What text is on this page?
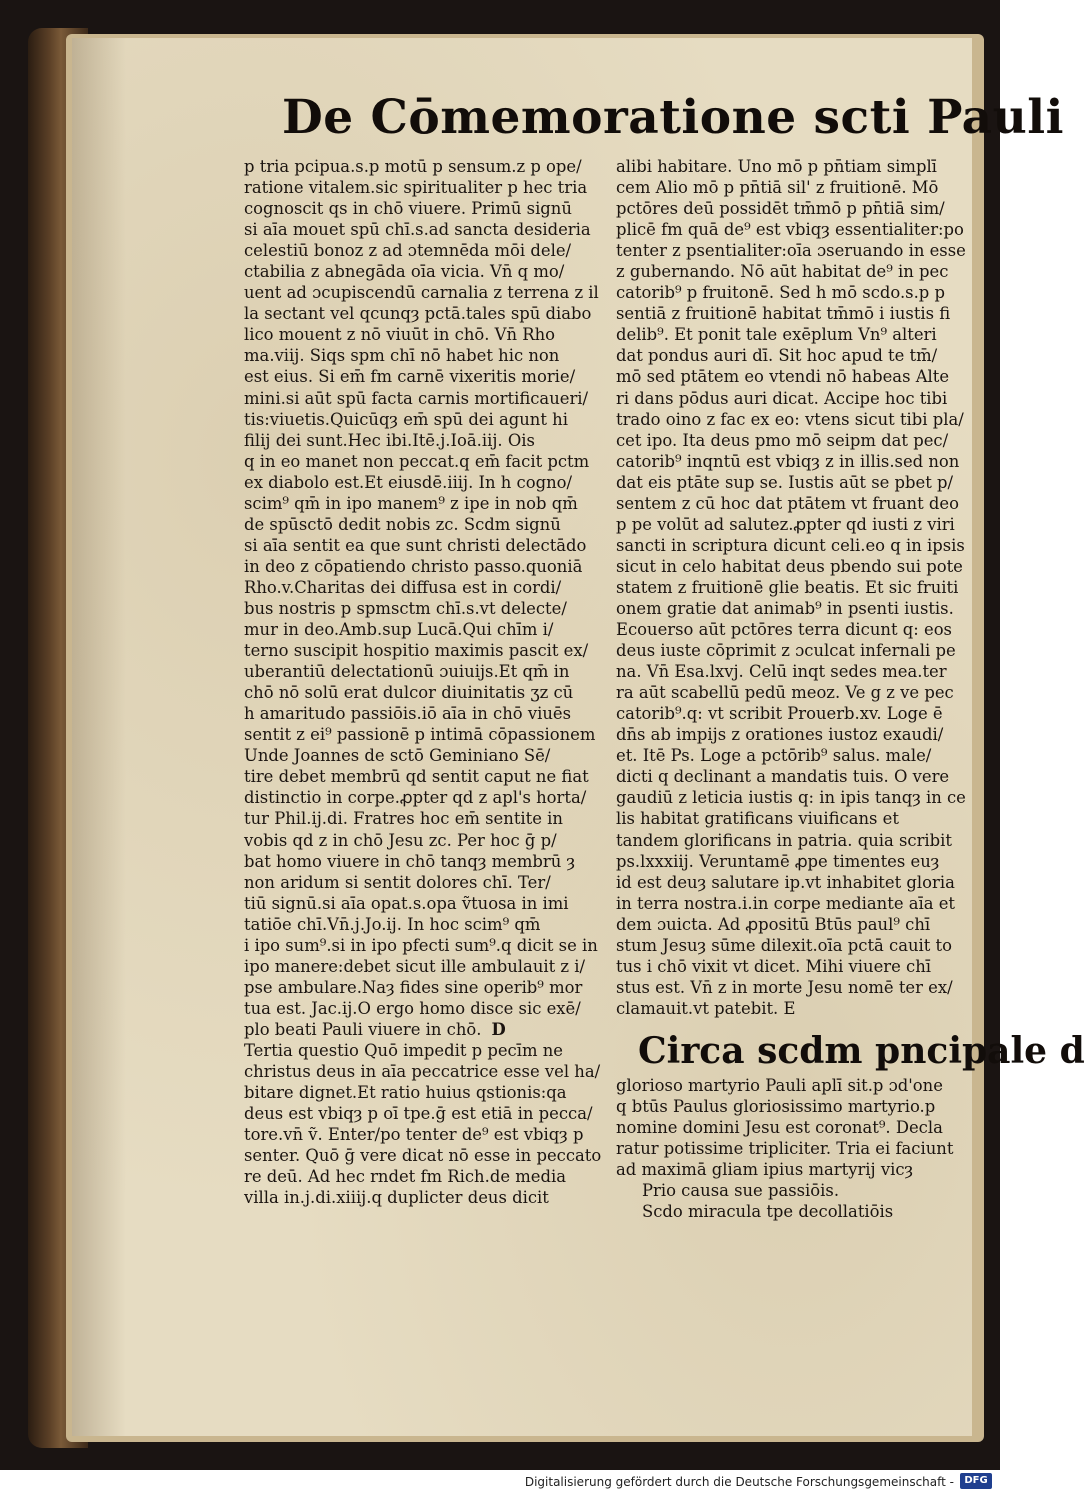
De Cōmemoratione scti Pauli
p tria pcipua.s.p motū p sensum.z p ope/
ratione vitalem.sic spiritualiter p hec tria
cognoscit qs in chō viuere. Primū signū
si aīa mouet spū chī.s.ad sancta desideria
celestiū bonoz z ad ɔtemnēda mōi dele/
ctabilia z abnegāda oīa vicia. Vn̄ q mo/
uent ad ɔcupiscendū carnalia z terrena z il
la sectant vel qcunqȝ pctā.tales spū diabo
lico mouent z nō viuūt in chō. Vn̄ Rho
ma.viij. Siqs spm chī nō habet hic non
est eius. Si em̄ fm carnē vixeritis morie/
mini.si aūt spū facta carnis mortificaueri/
tis:viuetis.Quicūqȝ em̄ spū dei agunt hi
filij dei sunt.Hec ibi.Itē.j.Ioā.iij. Ois
q in eo manet non peccat.q em̄ facit pctm
ex diabolo est.Et eiusdē.iiij. In h cogno/
scim⁹ qm̄ in ipo manem⁹ z ipe in nob qm̄
de spūsctō dedit nobis zc. Scdm signū
si aīa sentit ea que sunt christi delectādo
in deo z cōpatiendo christo passo.quoniā
Rho.v.Charitas dei diffusa est in cordi/
bus nostris p spmsctm chī.s.vt delecte/
mur in deo.Amb.sup Lucā.Qui chīm i/
terno suscipit hospitio maximis pascit ex/
uberantiū delectationū ɔuiuijs.Et qm̄ in
chō nō solū erat dulcor diuinitatis ʒz cū
h amaritudo passiōis.iō aīa in chō viuēs
sentit z ei⁹ passionē p intimā cōpassionem
Unde Joannes de sctō Geminiano Sē/
tire debet membrū qd sentit caput ne fiat
distinctio in corpe.ꝓpter qd z apl's horta/
tur Phil.ij.di. Fratres hoc em̄ sentite in
vobis qd z in chō Jesu zc. Per hoc ḡ p/
bat homo viuere in chō tanqȝ membrū ȝ
non aridum si sentit dolores chī. Ter/
tiū signū.si aīa opat.s.opa ṽtuosa in imi
tatiōe chī.Vn̄.j.Jo.ij. In hoc scim⁹ qm̄
i ipo sum⁹.si in ipo pfecti sum⁹.q dicit se in
ipo manere:debet sicut ille ambulauit z i/
pse ambulare.Naȝ fides sine operib⁹ mor
tua est. Jac.ij.O ergo homo disce sic exē/
plo beati Pauli viuere in chō. D
Tertia questio Quō impedit p pecīm ne
christus deus in aīa peccatrice esse vel ha/
bitare dignet.Et ratio huius qstionis:qa
deus est vbiqȝ p oī tpe.ḡ est etiā in pecca/
tore.vn̄ ṽ. Enter/po tenter de⁹ est vbiqȝ p
senter. Quō ḡ vere dicat nō esse in peccato
re deū. Ad hec rndet fm Rich.de media
villa in.j.di.xiiij.q duplicter deus dicit
alibi habitare. Uno mō p pn̄tiam simplī
cem Alio mō p pn̄tiā sil' z fruitionē. Mō
pctōres deū possidēt tm̄mō p pn̄tiā sim/
plicē fm quā de⁹ est vbiqȝ essentialiter:po
tenter z psentialiter:oīa ɔseruando in esse
z gubernando. Nō aūt habitat de⁹ in pec
catorib⁹ p fruitonē. Sed h mō scdo.s.p p
sentiā z fruitionē habitat tm̄mō i iustis fi
delib⁹. Et ponit tale exēplum Vn⁹ alteri
dat pondus auri dī. Sit hoc apud te tm̄/
mō sed ptātem eo vtendi nō habeas Alte
ri dans pōdus auri dicat. Accipe hoc tibi
trado oino z fac ex eo: vtens sicut tibi pla/
cet ipo. Ita deus pmo mō seipm dat pec/
catorib⁹ inqntū est vbiqȝ z in illis.sed non
dat eis ptāte sup se. Iustis aūt se pbet p/
sentem z cū hoc dat ptātem vt fruant deo
p pe volūt ad salutez.ꝓpter qd iusti z viri
sancti in scriptura dicunt celi.eo q in ipsis
sicut in celo habitat deus pbendo sui pote
statem z fruitionē glie beatis. Et sic fruiti
onem gratie dat animab⁹ in psenti iustis.
Ecouerso aūt pctōres terra dicunt q: eos
deus iuste cōprimit z ɔculcat infernali pe
na. Vn̄ Esa.lxvj. Celū inqt sedes mea.ter
ra aūt scabellū pedū meoz. Ve g z ve pec
catorib⁹.q: vt scribit Prouerb.xv. Loge ē
dn̄s ab impijs z orationes iustoz exaudi/
et. Itē Ps. Loge a pctōrib⁹ salus. male/
dicti q declinant a mandatis tuis. O vere
gaudiū z leticia iustis q: in ipis tanqȝ in ce
lis habitat gratificans viuificans et
tandem glorificans in patria. quia scribit
ps.lxxxiij. Veruntamē ꝓpe timentes euȝ
id est deuȝ salutare ip.vt inhabitet gloria
in terra nostra.i.in corpe mediante aīa et
dem ɔuicta. Ad ꝓpositū Btūs paul⁹ chī
stum Jesuȝ sūme dilexit.oīa pctā cauit to
tus i chō vixit vt dicet. Mihi viuere chī
stus est. Vn̄ z in morte Jesu nomē ter ex/
clamauit.vt patebit. E
Circa scdm pncipale d
glorioso martyrio Pauli aplī sit.p ɔd'one
q btūs Paulus gloriosissimo martyrio.p
nomine domini Jesu est coronat⁹. Decla
ratur potissime tripliciter. Tria ei faciunt
ad maximā gliam ipius martyrij vicȝ
Prio causa sue passiōis.
Scdo miracula tpe decollatiōis
Digitalisierung gefördert durch die Deutsche Forschungsgemeinschaft -	DFG
